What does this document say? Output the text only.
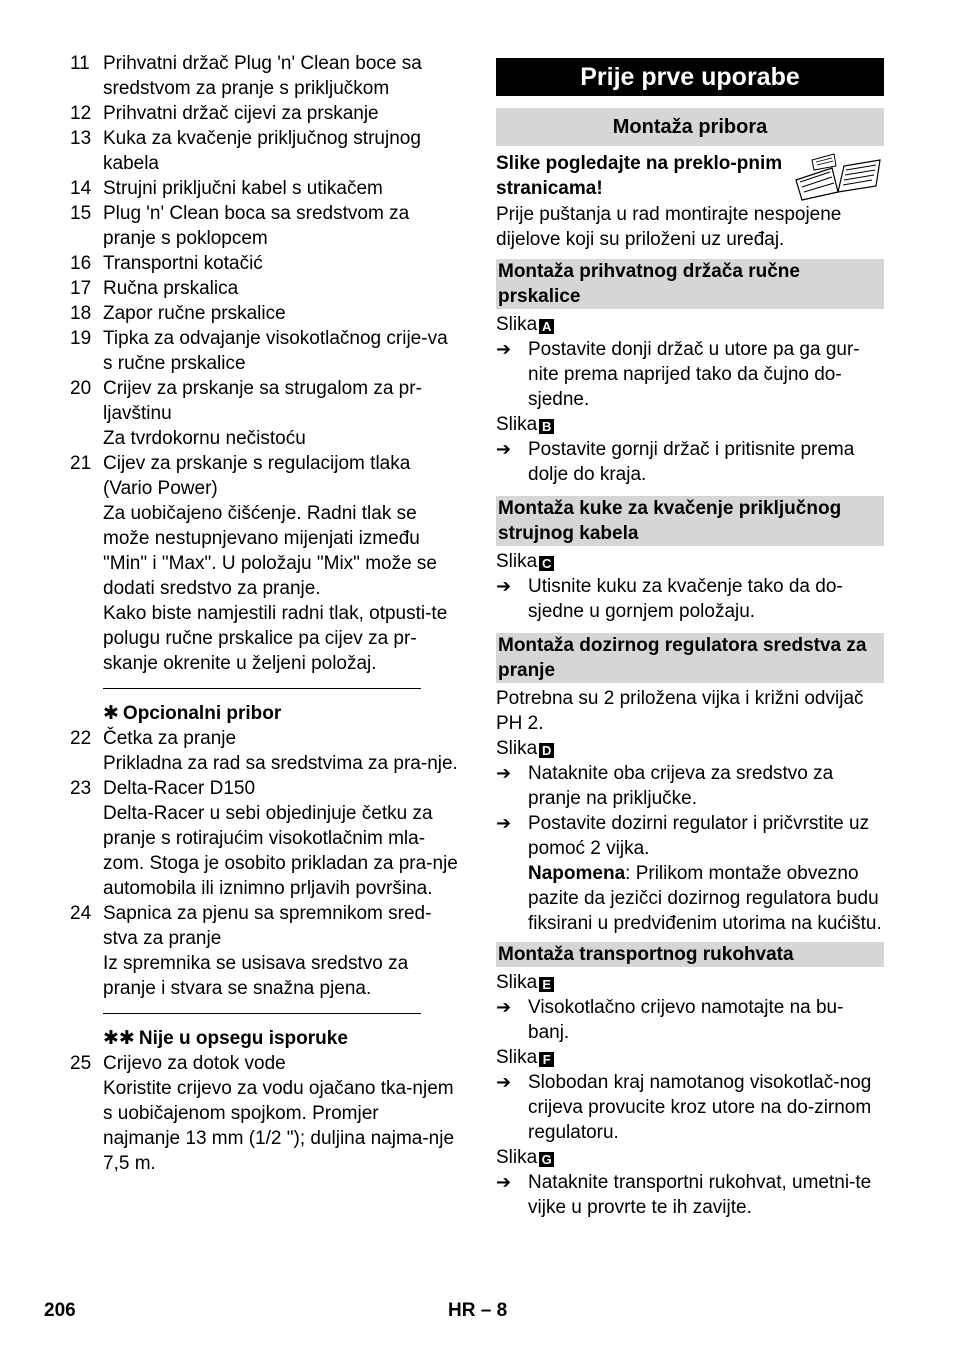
11 Prihvatni držač Plug 'n' Clean boce sa sredstvom za pranje s priključkom
12 Prihvatni držač cijevi za prskanje
13 Kuka za kvačenje priključnog strujnog kabela
14 Strujni priključni kabel s utikačem
15 Plug 'n' Clean boca sa sredstvom za pranje s poklopcem
16 Transportni kotačić
17 Ručna prskalica
18 Zapor ručne prskalice
19 Tipka za odvajanje visokotlačnog crije-va s ručne prskalice
20 Crijev za prskanje sa strugalom za pr-ljavštinu
Za tvrdokornu nečistoću
21 Cijev za prskanje s regulacijom tlaka (Vario Power)
Za uobičajeno čišćenje. Radni tlak se može nestupnjevano mijenjati između "Min" i "Max". U položaju "Mix" može se dodati sredstvo za pranje.
Kako biste namjestili radni tlak, otpusti-te polugu ručne prskalice pa cijev za pr-skanje okrenite u željeni položaj.
✱ Opcionalni pribor
22 Četka za pranje
Prikladna za rad sa sredstvima za pra-nje.
23 Delta-Racer D150
Delta-Racer u sebi objedinjuje četku za pranje s rotirajućim visokotlačnim mla-zom. Stoga je osobito prikladan za pra-nje automobila ili iznimno prljavih površina.
24 Sapnica za pjenu sa spremnikom sred-stva za pranje
Iz spremnika se usisava sredstvo za pranje i stvara se snažna pjena.
✱✱ Nije u opsegu isporuke
25 Crijevo za dotok vode
Koristite crijevo za vodu ojačano tka-njem s uobičajenom spojkom. Promjer najmanje 13 mm (1/2 "); duljina najma-nje 7,5 m.
Prije prve uporabe
Montaža pribora
Slike pogledajte na preklo-pnim stranicama!
Prije puštanja u rad montirajte nespojene dijelove koji su priloženi uz uređaj.
Montaža prihvatnog držača ručne prskalice
Slika A
➔ Postavite donji držač u utore pa ga gur-nite prema naprijed tako da čujno do-sjedne.
Slika B
➔ Postavite gornji držač i pritisnite prema dolje do kraja.
Montaža kuke za kvačenje priključnog strujnog kabela
Slika C
➔ Utisnite kuku za kvačenje tako da do-sjedne u gornjem položaju.
Montaža dozirnog regulatora sredstva za pranje
Potrebna su 2 priložena vijka i križni odvijač PH 2.
Slika D
➔ Nataknite oba crijeva za sredstvo za pranje na priključke.
➔ Postavite dozirni regulator i pričvrstite uz pomoć 2 vijka.
Napomena: Prilikom montaže obvezno pazite da jezičci dozirnog regulatora budu fiksirani u predviđenim utorima na kućištu.
Montaža transportnog rukohvata
Slika E
➔ Visokotlačno crijevo namotajte na bu-banj.
Slika F
➔ Slobodan kraj namotanog visokotlač-nog crijeva provucite kroz utore na do-zirnom regulatoru.
Slika G
➔ Nataknite transportni rukohvat, umetni-te vijke u provrte te ih zavijte.
206	HR – 8
